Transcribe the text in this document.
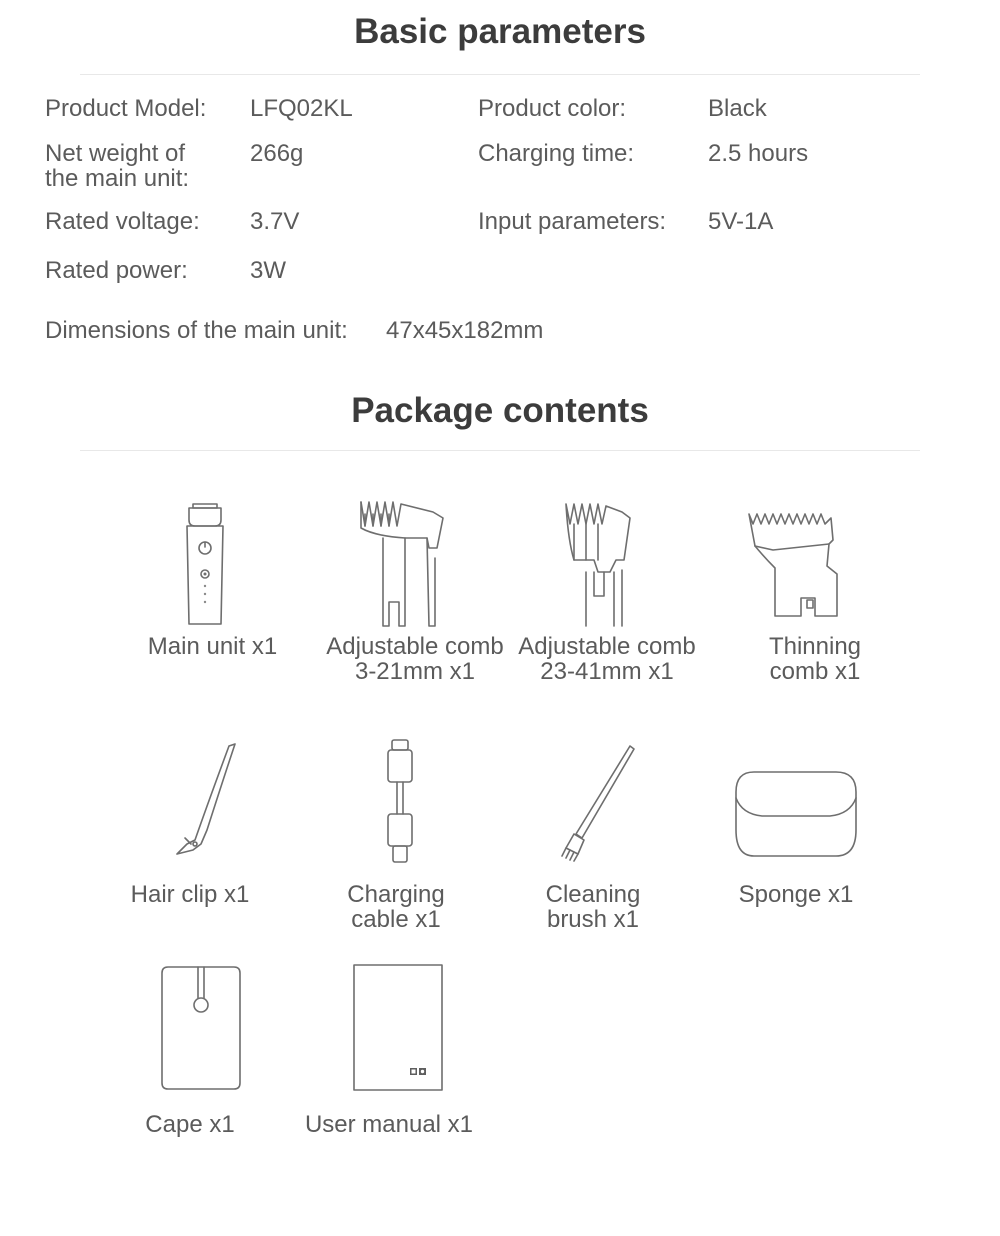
Basic parameters
Product Model: LFQ02KL	Product color:	Black
Net weight of
the main unit:
266g	Charging time:	2.5 hours
Rated voltage: 3.7V	Input parameters: 5V-1A
Rated power:	3W
Dimensions of the main unit: 47x45x182mm
Package contents
Main unit x1	Adjustable comb
3-21mm x1
Adjustable comb
23-41mm x1
Thinning
comb x1
Hair clip x1	Charging
cable x1
Cleaning
brush x1
Sponge x1
Cape x1	User manual x1
